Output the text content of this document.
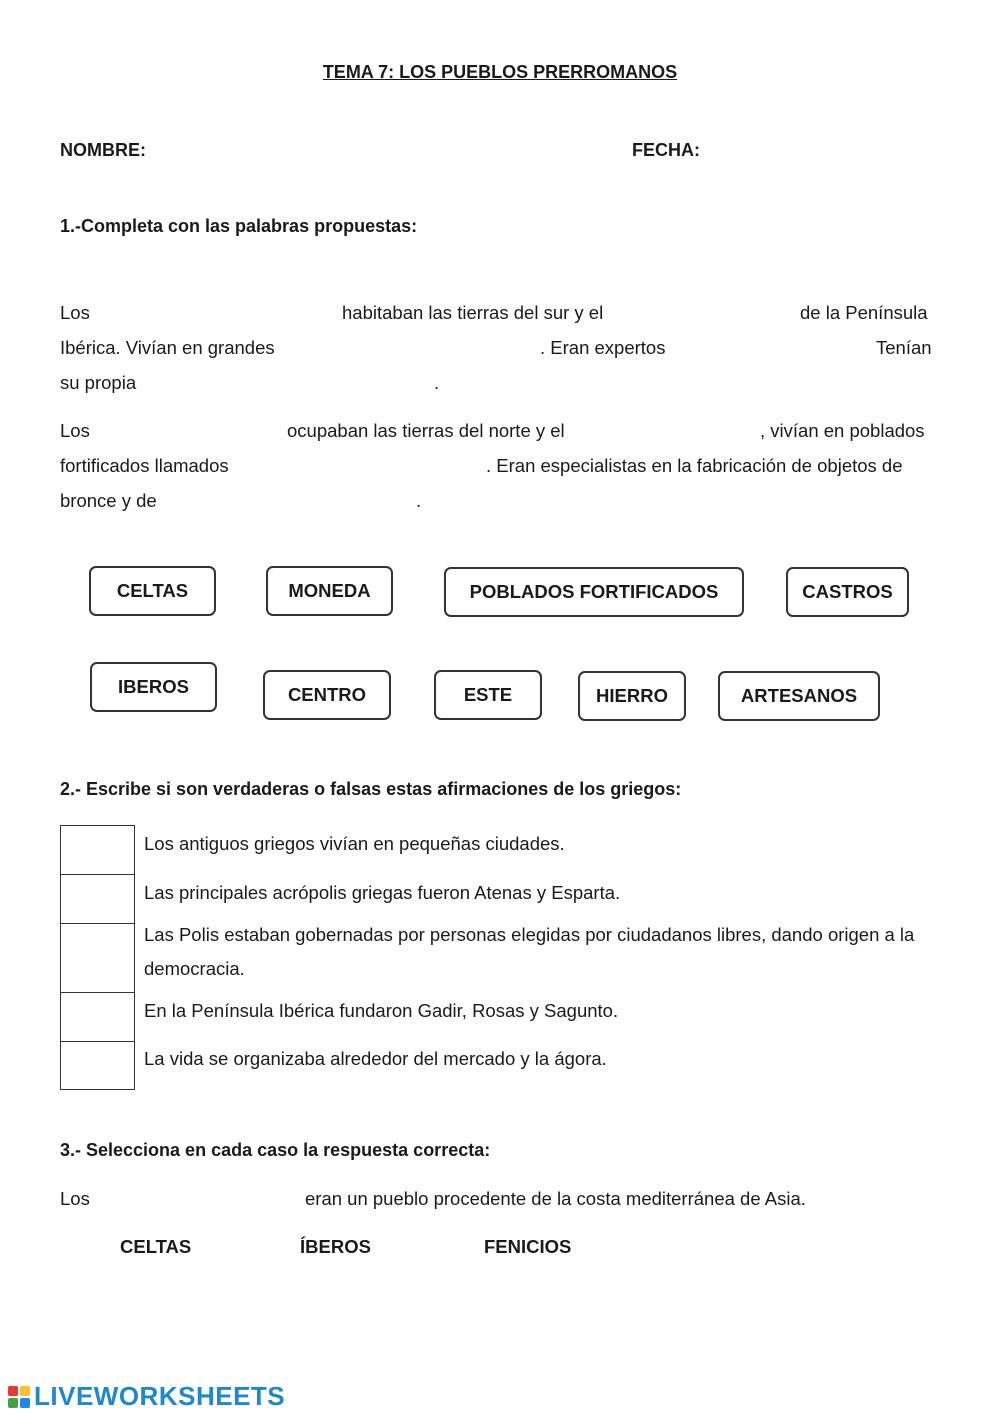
TEMA 7: LOS PUEBLOS PRERROMANOS
NOMBRE:	FECHA:
1.-Completa con las palabras propuestas:
Los	habitaban las tierras del sur y el	de la Península
Ibérica. Vivían en grandes	. Eran expertos	Tenían
su propia	.
Los	ocupaban las tierras del norte y el	, vivían en poblados
fortificados llamados	. Eran especialistas en la fabricación de objetos de
bronce y de	.
CELTAS	MONEDA	POBLADOS FORTIFICADOS	CASTROS
IBEROS	CENTRO	ESTE	HIERRO	ARTESANOS
2.- Escribe si son verdaderas o falsas estas afirmaciones de los griegos:
Los antiguos griegos vivían en pequeñas ciudades.
Las principales acrópolis griegas fueron Atenas y Esparta.
Las Polis estaban gobernadas por personas elegidas por ciudadanos libres, dando origen a la democracia.
En la Península Ibérica fundaron Gadir, Rosas y Sagunto.
La vida se organizaba alrededor del mercado y la ágora.
3.- Selecciona en cada caso la respuesta correcta:
Los	eran un pueblo procedente de la costa mediterránea de Asia.
CELTAS	ÍBEROS	FENICIOS
LIVEWORKSHEETS
